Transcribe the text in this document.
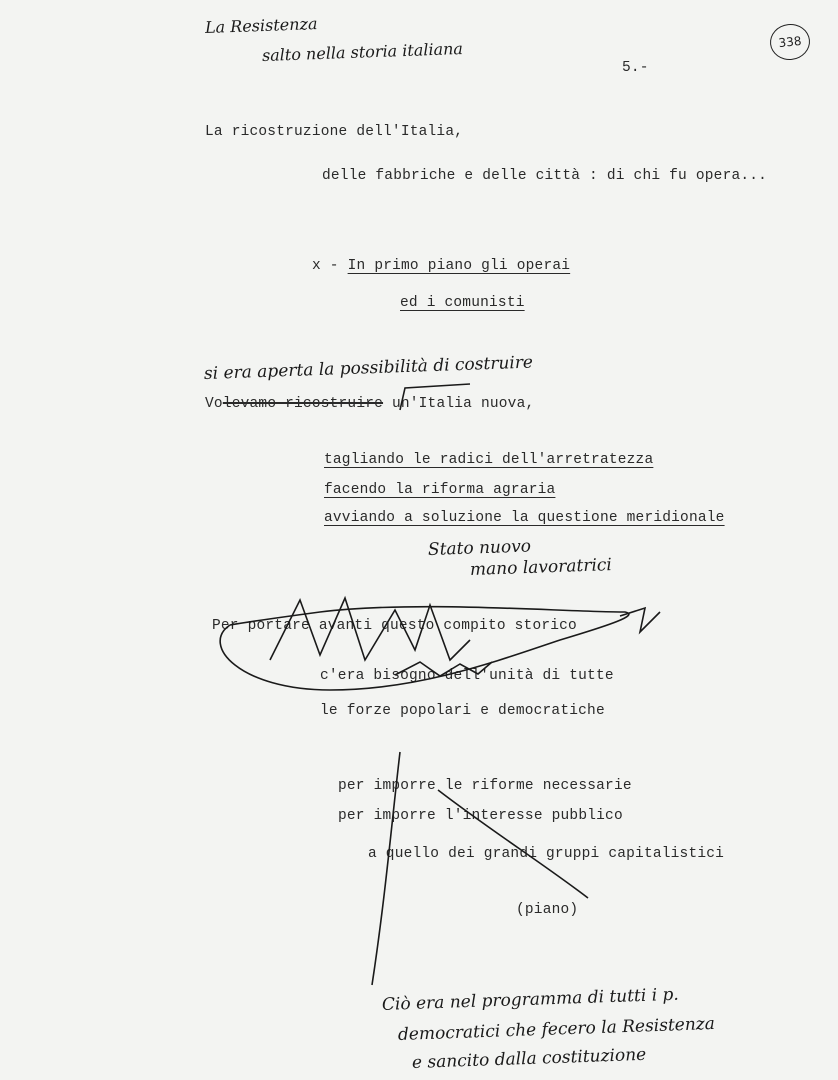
338
La Resistenza
salto nella storia italiana
5.-
La ricostruzione dell'Italia,
delle fabbriche e delle città : di chi fu opera...
x - In primo piano gli operai
ed i comunisti
si era aperta la possibilità di costruire
Volevamo ricostruire un'Italia nuova,
tagliando le radici dell'arretratezza
facendo la riforma agraria
avviando a soluzione la questione meridionale
Stato nuovo
mano lavoratrici
Per portare avanti questo compito storico
c'era bisogno dell'unità di tutte
le forze popolari e democratiche
per imporre le riforme necessarie
per imporre l'interesse pubblico
a quello dei grandi gruppi capitalistici
(piano)
Ciò era nel programma di tutti i p.
democratici che fecero la Resistenza
e sancito dalla costituzione
